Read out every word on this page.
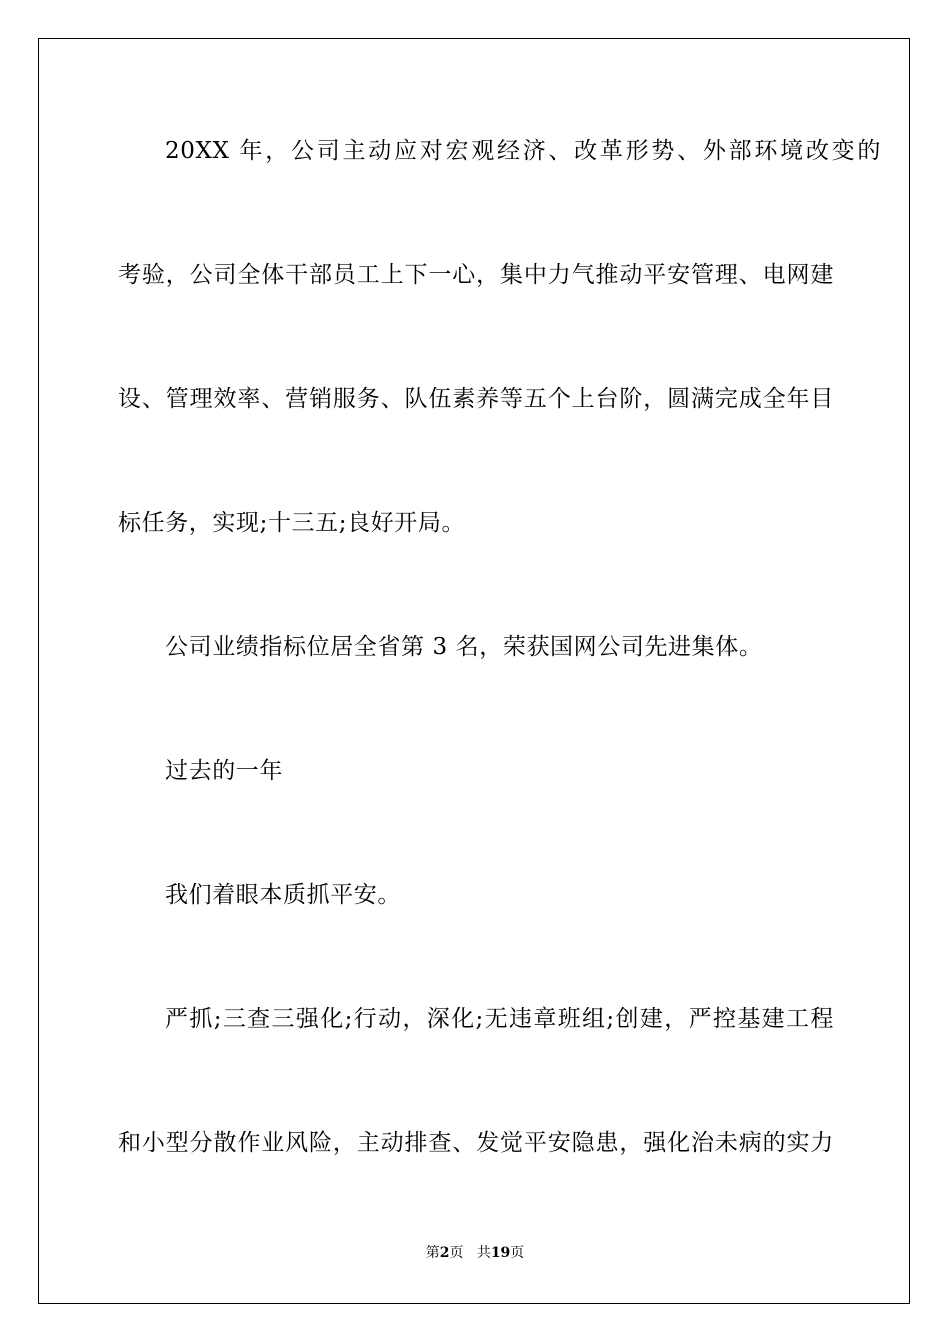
20XX 年，公司主动应对宏观经济、改革形势、外部环境改变的
考验，公司全体干部员工上下一心，集中力气推动平安管理、电网建
设、管理效率、营销服务、队伍素养等五个上台阶，圆满完成全年目
标任务，实现;十三五;良好开局。
公司业绩指标位居全省第 3 名，荣获国网公司先进集体。
过去的一年
我们着眼本质抓平安。
严抓;三查三强化;行动，深化;无违章班组;创建，严控基建工程
和小型分散作业风险，主动排查、发觉平安隐患，强化治未病的实力
第2页 共19页
